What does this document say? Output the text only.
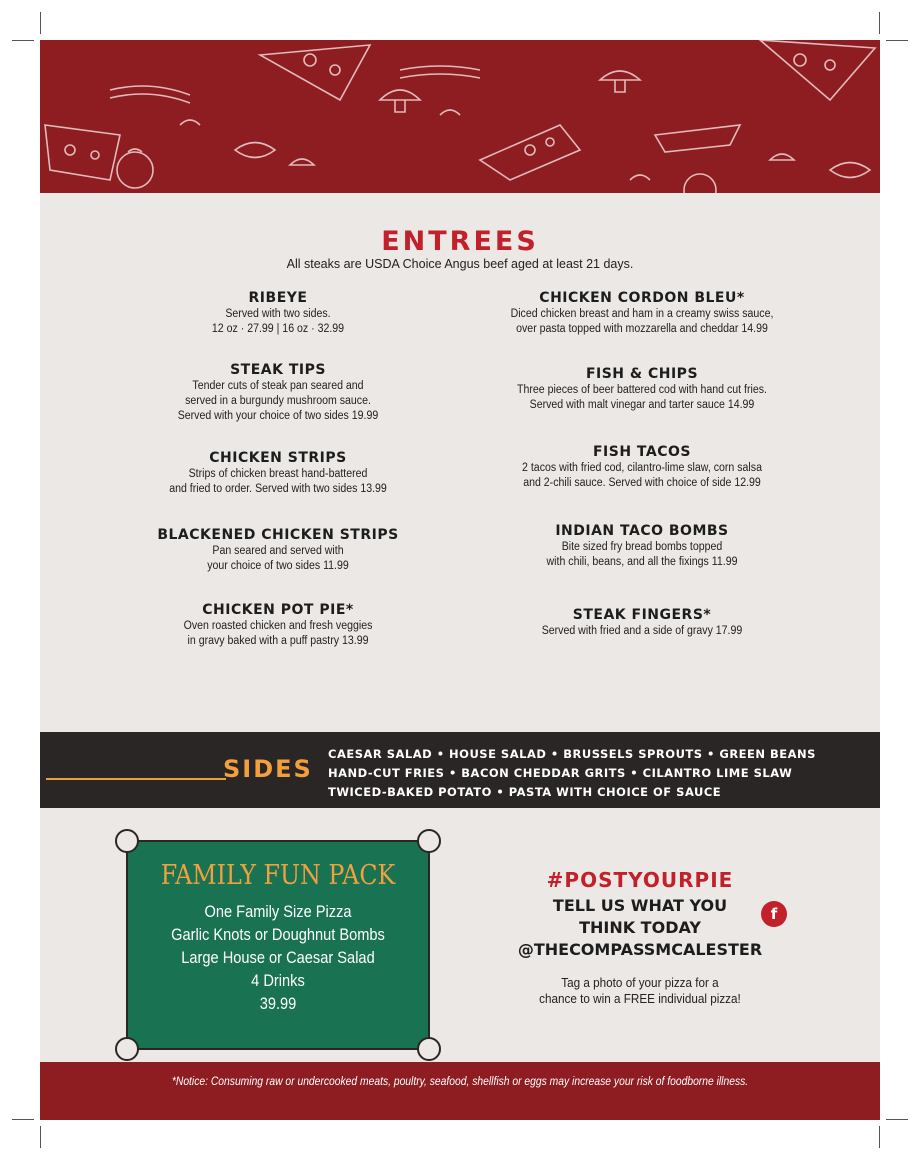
ENTREES
All steaks are USDA Choice Angus beef aged at least 21 days.
RIBEYE
Served with two sides.
12 oz · 27.99 | 16 oz · 32.99
STEAK TIPS
Tender cuts of steak pan seared and
served in a burgundy mushroom sauce.
Served with your choice of two sides 19.99
CHICKEN STRIPS
Strips of chicken breast hand-battered
and fried to order. Served with two sides 13.99
BLACKENED CHICKEN STRIPS
Pan seared and served with
your choice of two sides 11.99
CHICKEN POT PIE*
Oven roasted chicken and fresh veggies
in gravy baked with a puff pastry 13.99
CHICKEN CORDON BLEU*
Diced chicken breast and ham in a creamy swiss sauce,
over pasta topped with mozzarella and cheddar 14.99
FISH & CHIPS
Three pieces of beer battered cod with hand cut fries.
Served with malt vinegar and tarter sauce 14.99
FISH TACOS
2 tacos with fried cod, cilantro-lime slaw, corn salsa
and 2-chili sauce. Served with choice of side 12.99
INDIAN TACO BOMBS
Bite sized fry bread bombs topped
with chili, beans, and all the fixings 11.99
STEAK FINGERS*
Served with fried and a side of gravy 17.99
SIDES
CAESAR SALAD • HOUSE SALAD • BRUSSELS SPROUTS • GREEN BEANS
HAND-CUT FRIES • BACON CHEDDAR GRITS • CILANTRO LIME SLAW
TWICED-BAKED POTATO • PASTA WITH CHOICE OF SAUCE
FAMILY FUN PACK
One Family Size Pizza
Garlic Knots or Doughnut Bombs
Large House or Caesar Salad
4 Drinks
39.99
#POSTYOURPIE
TELL US WHAT YOU
THINK TODAY
@THECOMPASSMCALESTER
f
Tag a photo of your pizza for a
chance to win a FREE individual pizza!
*Notice: Consuming raw or undercooked meats, poultry, seafood, shellfish or eggs may increase your risk of foodborne illness.
